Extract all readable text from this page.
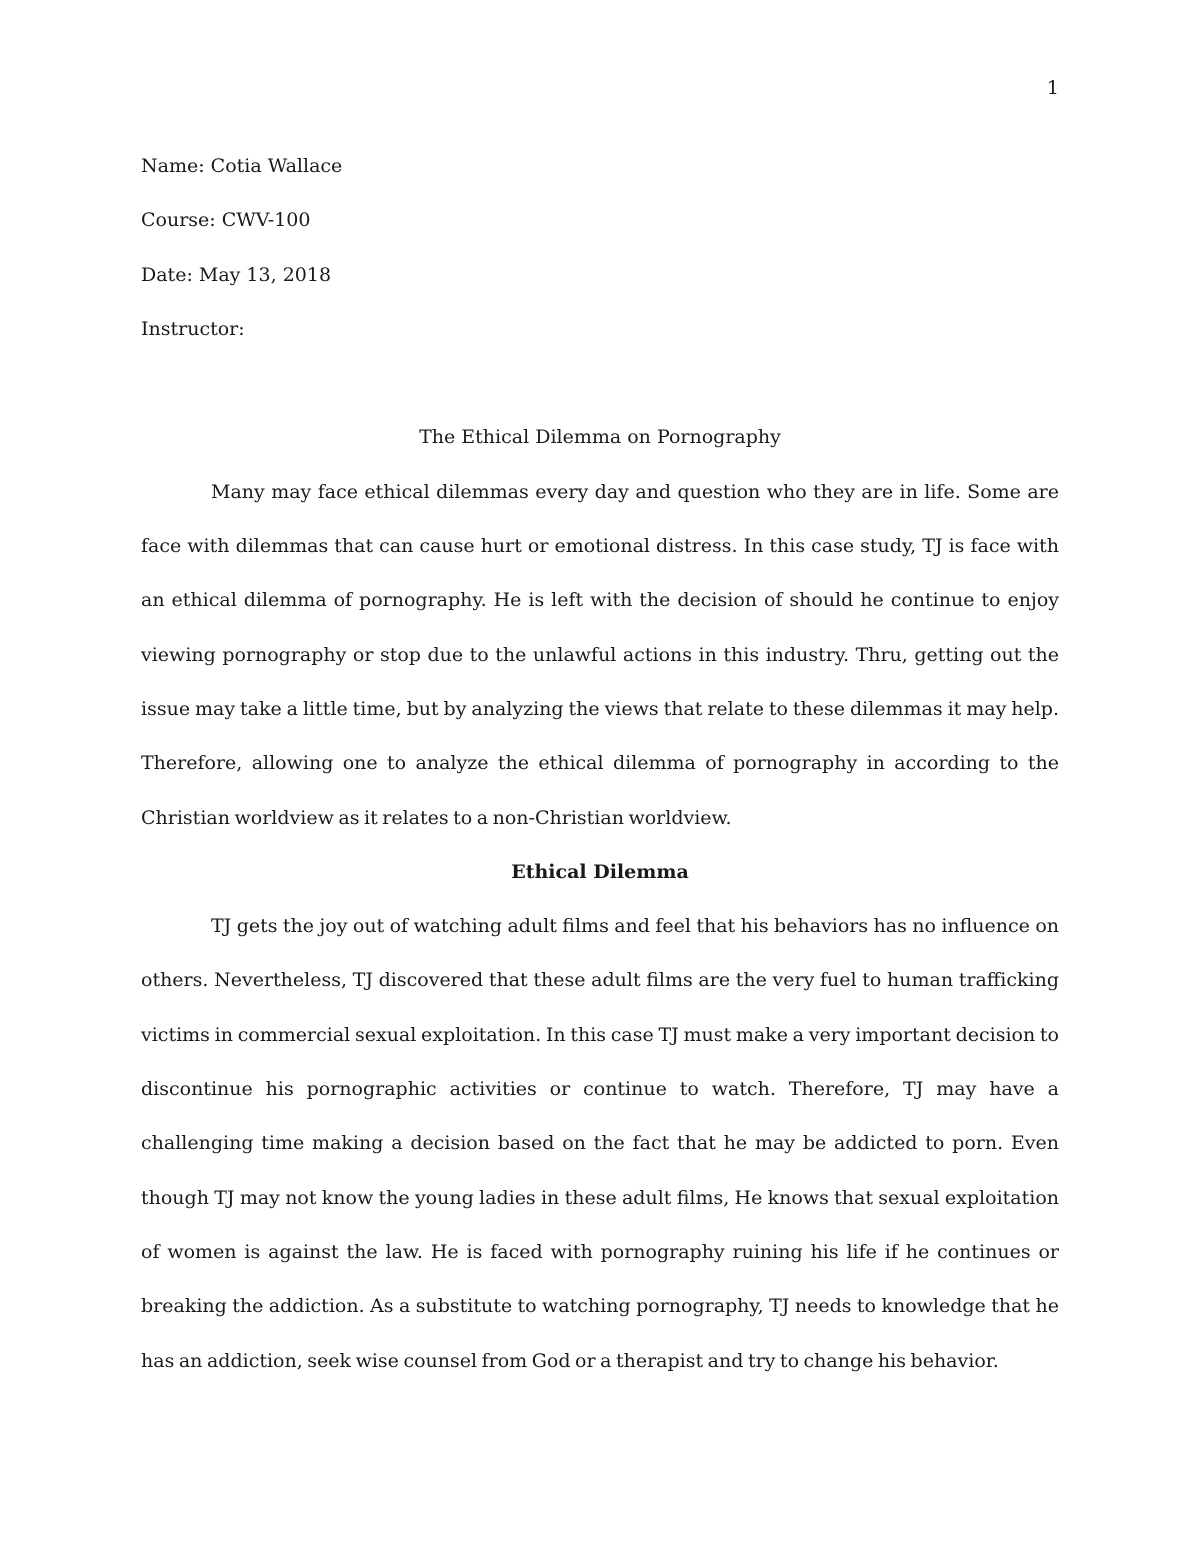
1

Name: Cotia Wallace

Course: CWV-100

Date: May 13, 2018

Instructor:

The Ethical Dilemma on Pornography

Many may face ethical dilemmas every day and question who they are in life. Some are face with dilemmas that can cause hurt or emotional distress. In this case study, TJ is face with an ethical dilemma of pornography. He is left with the decision of should he continue to enjoy viewing pornography or stop due to the unlawful actions in this industry. Thru, getting out the issue may take a little time, but by analyzing the views that relate to these dilemmas it may help. Therefore, allowing one to analyze the ethical dilemma of pornography in according to the Christian worldview as it relates to a non-Christian worldview.

Ethical Dilemma

TJ gets the joy out of watching adult films and feel that his behaviors has no influence on others. Nevertheless, TJ discovered that these adult films are the very fuel to human trafficking victims in commercial sexual exploitation. In this case TJ must make a very important decision to discontinue his pornographic activities or continue to watch. Therefore, TJ may have a challenging time making a decision based on the fact that he may be addicted to porn. Even though TJ may not know the young ladies in these adult films, He knows that sexual exploitation of women is against the law. He is faced with pornography ruining his life if he continues or breaking the addiction. As a substitute to watching pornography, TJ needs to knowledge that he has an addiction, seek wise counsel from God or a therapist and try to change his behavior.
